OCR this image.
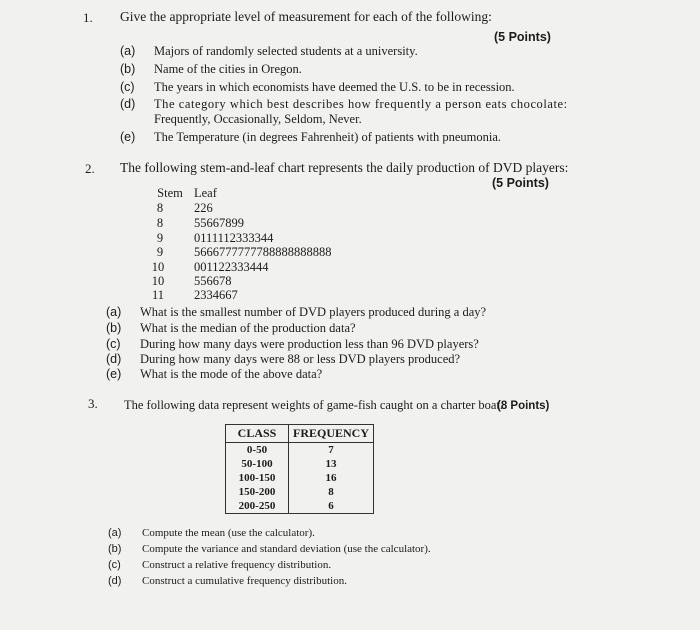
1. Give the appropriate level of measurement for each of the following:
(5 Points)
(a)	Majors of randomly selected students at a university.
(b)	Name of the cities in Oregon.
(c)	The years in which economists have deemed the U.S. to be in recession.
(d)	The category which best describes how frequently a person eats chocolate:
Frequently, Occasionally, Seldom, Never.
(e)	The Temperature (in degrees Fahrenheit) of patients with pneumonia.
2. The following stem-and-leaf chart represents the daily production of DVD players:
(5 Points)
Stem Leaf
8 226
8 55667899
9 0111112333344
9 5666777777788888888888
10 001122333444
10 556678
11 2334667
(a)	What is the smallest number of DVD players produced during a day?
(b)	What is the median of the production data?
(c)	During how many days were production less than 96 DVD players?
(d)	During how many days were 88 or less DVD players produced?
(e)	What is the mode of the above data?
3. The following data represent weights of game-fish caught on a charter boat.
(8 Points)
CLASS	FREQUENCY
0-50	7
50-100	13
100-150	16
150-200	8
200-250	6
(a)	Compute the mean (use the calculator).
(b)	Compute the variance and standard deviation (use the calculator).
(c)	Construct a relative frequency distribution.
(d)	Construct a cumulative frequency distribution.
